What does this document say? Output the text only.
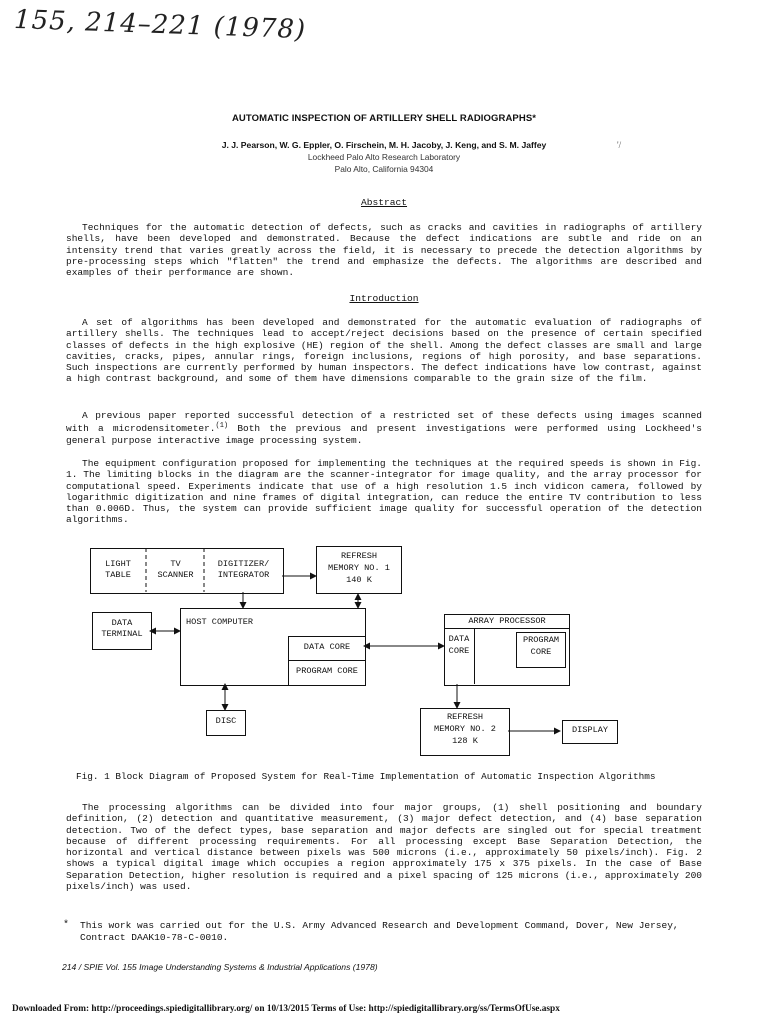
155, 214–221 (1978)
AUTOMATIC INSPECTION OF ARTILLERY SHELL RADIOGRAPHS*
J. J. Pearson, W. G. Eppler, O. Firschein, M. H. Jacoby, J. Keng, and S. M. Jaffey	'/
Lockheed Palo Alto Research Laboratory
Palo Alto, California 94304
Abstract
Techniques for the automatic detection of defects, such as cracks and cavities in radiographs of artillery shells, have been developed and demonstrated. Because the defect indications are subtle and ride on an intensity trend that varies greatly across the field, it is necessary to precede the detection algorithms by pre-processing steps which "flatten" the trend and emphasize the defects. The algorithms are described and examples of their performance are shown.
Introduction
A set of algorithms has been developed and demonstrated for the automatic evaluation of radiographs of artillery shells. The techniques lead to accept/reject decisions based on the presence of certain specified classes of defects in the high explosive (HE) region of the shell. Among the defect classes are small and large cavities, cracks, pipes, annular rings, foreign inclusions, regions of high porosity, and base separations. Such inspections are currently performed by human inspectors. The defect indications have low contrast, against a high contrast background, and some of them have dimensions comparable to the grain size of the film.
A previous paper reported successful detection of a restricted set of these defects using images scanned with a microdensitometer.$^{(1)}$ Both the previous and present investigations were performed using Lockheed's general purpose interactive image processing system.
The equipment configuration proposed for implementing the techniques at the required speeds is shown in Fig. 1. The limiting blocks in the diagram are the scanner-integrator for image quality, and the array processor for computational speed. Experiments indicate that use of a high resolution 1.5 inch vidicon camera, followed by logarithmic digitization and nine frames of digital integration, can reduce the entire TV contribution to less than 0.006D. Thus, the system can provide sufficient image quality for successful operation of the detection algorithms.
LIGHT
TABLE
TV
SCANNER
DIGITIZER/
INTEGRATOR
REFRESH
MEMORY NO. 1
140 K
DATA
TERMINAL
HOST COMPUTER
DATA CORE
PROGRAM CORE
ARRAY PROCESSOR
DATA
CORE
PROGRAM
CORE
DISC	REFRESH
MEMORY NO. 2
128 K
DISPLAY
Fig. 1 Block Diagram of Proposed System for Real-Time Implementation of Automatic Inspection Algorithms
The processing algorithms can be divided into four major groups, (1) shell positioning and boundary definition, (2) detection and quantitative measurement, (3) major defect detection, and (4) base separation detection. Two of the defect types, base separation and major defects are singled out for special treatment because of different processing requirements. For all processing except Base Separation Detection, the horizontal and vertical distance between pixels was 500 microns (i.e., approximately 50 pixels/inch). Fig. 2 shows a typical digital image which occupies a region approximately 175 x 375 pixels. In the case of Base Separation Detection, higher resolution is required and a pixel spacing of 125 microns (i.e., approximately 200 pixels/inch) was used.
* This work was carried out for the U.S. Army Advanced Research and Development Command, Dover, New Jersey, Contract DAAK10-78-C-0010.
214 / SPIE Vol. 155 Image Understanding Systems & Industrial Applications (1978)
Downloaded From: http://proceedings.spiedigitallibrary.org/ on 10/13/2015 Terms of Use: http://spiedigitallibrary.org/ss/TermsOfUse.aspx
